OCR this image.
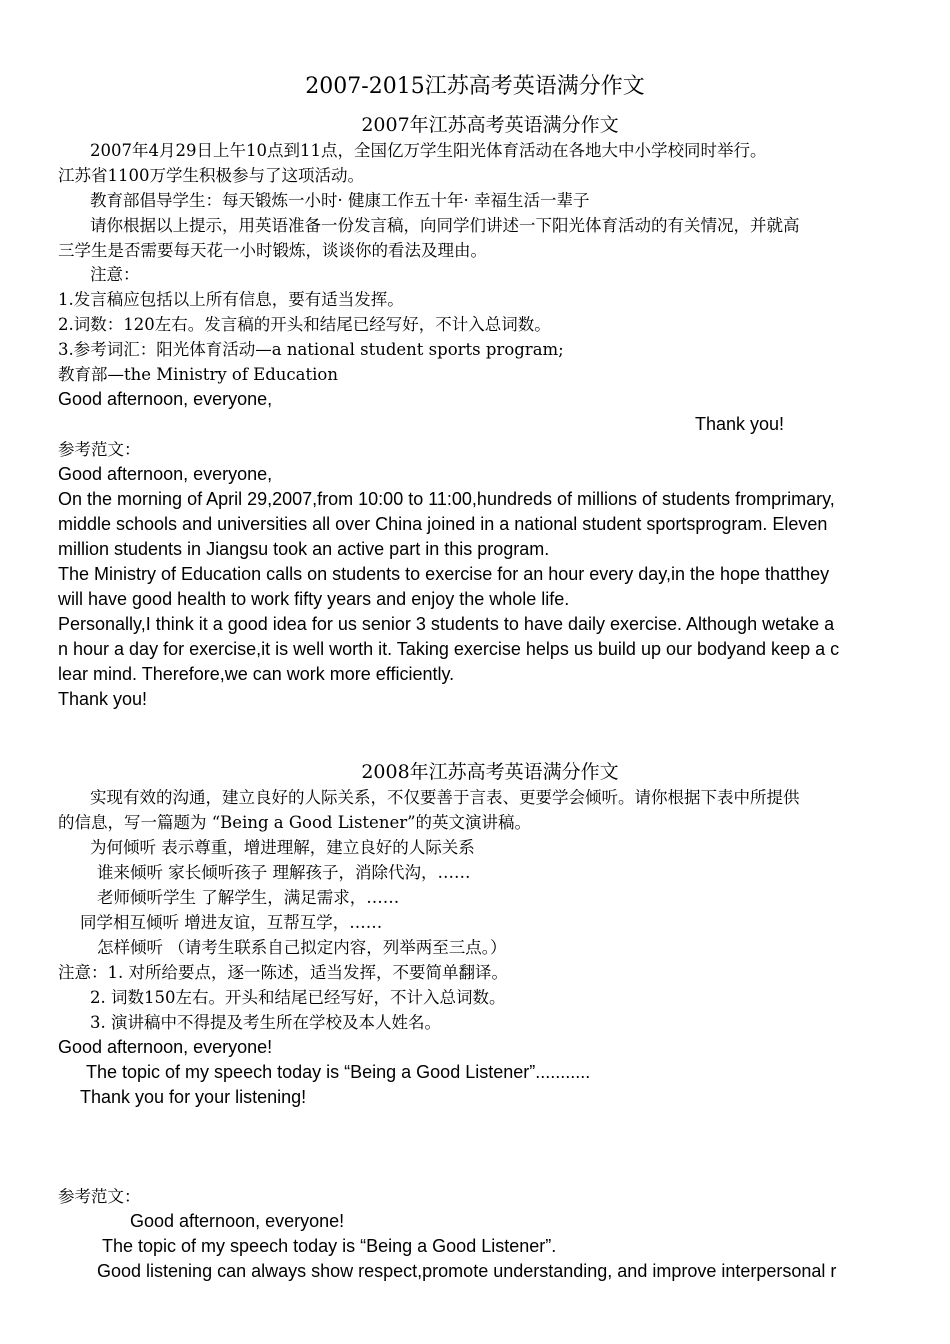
2007-2015江苏高考英语满分作文

2007年江苏高考英语满分作文

2007年4月29日上午10点到11点，全国亿万学生阳光体育活动在各地大中小学校同时举行。

江苏省1100万学生积极参与了这项活动。

教育部倡导学生：每天锻炼一小时· 健康工作五十年· 幸福生活一辈子

请你根据以上提示，用英语准备一份发言稿，向同学们讲述一下阳光体育活动的有关情况，并就高

三学生是否需要每天花一小时锻炼，谈谈你的看法及理由。

注意：

1.发言稿应包括以上所有信息，要有适当发挥。

2.词数：120左右。发言稿的开头和结尾已经写好，不计入总词数。

3.参考词汇：阳光体育活动—a national student sports program;

教育部—the Ministry of Education

Good afternoon, everyone,

Thank you!

参考范文：

Good afternoon, everyone,

On the morning of April 29,2007,from 10:00 to 11:00,hundreds of millions of students fromprimary,

middle schools and universities all over China joined in a national student sportsprogram. Eleven

million students in Jiangsu took an active part in this program.

The Ministry of Education calls on students to exercise for an hour every day,in the hope thatthey

will have good health to work fifty years and enjoy the whole life.

Personally,I think it a good idea for us senior 3 students to have daily exercise. Although wetake a

n hour a day for exercise,it is well worth it. Taking exercise helps us build up our bodyand keep a c

lear mind. Therefore,we can work more efficiently.

Thank you!

2008年江苏高考英语满分作文

实现有效的沟通，建立良好的人际关系，不仅要善于言表、更要学会倾听。请你根据下表中所提供

的信息，写一篇题为 “Being a Good Listener”的英文演讲稿。

为何倾听 表示尊重，增进理解，建立良好的人际关系

谁来倾听 家长倾听孩子 理解孩子，消除代沟，……

老师倾听学生 了解学生，满足需求，……

同学相互倾听 增进友谊，互帮互学，……

怎样倾听 （请考生联系自己拟定内容，列举两至三点。）

注意：1. 对所给要点，逐一陈述，适当发挥，不要简单翻译。

2. 词数150左右。开头和结尾已经写好，不计入总词数。

3. 演讲稿中不得提及考生所在学校及本人姓名。

Good afternoon, everyone!

The topic of my speech today is “Being a Good Listener”...........

Thank you for your listening!

参考范文：

Good afternoon, everyone!

The topic of my speech today is “Being a Good Listener”.

Good listening can always show respect,promote understanding, and improve interpersonal r
